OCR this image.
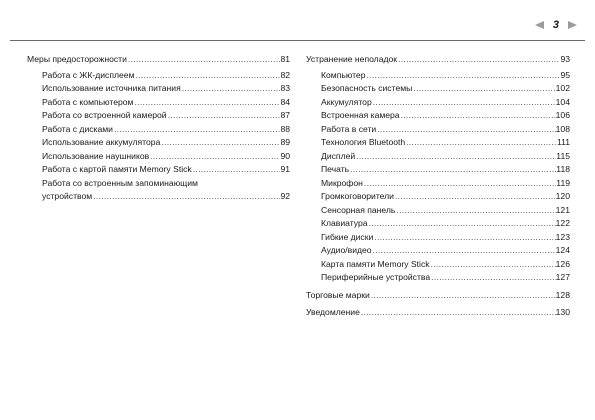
3
Меры предосторожности .....	81
Работа с ЖК-дисплеем .....	82
Использование источника питания .....	83
Работа с компьютером .....	84
Работа со встроенной камерой .....	87
Работа с дисками .....	88
Использование аккумулятора .....	89
Использование наушников .....	90
Работа с картой памяти Memory Stick .....	91
Работа со встроенным запоминающим
устройством .....	92
Устранение неполадок .....	93
Компьютер .....	95
Безопасность системы .....	102
Аккумулятор .....	104
Встроенная камера .....	106
Работа в сети .....	108
Технология Bluetooth .....	111
Дисплей .....	115
Печать .....	118
Микрофон .....	119
Громкоговорители .....	120
Сенсорная панель .....	121
Клавиатура .....	122
Гибкие диски .....	123
Аудио/видео .....	124
Карта памяти Memory Stick .....	126
Периферийные устройства .....	127
Торговые марки .....	128
Уведомление .....	130
